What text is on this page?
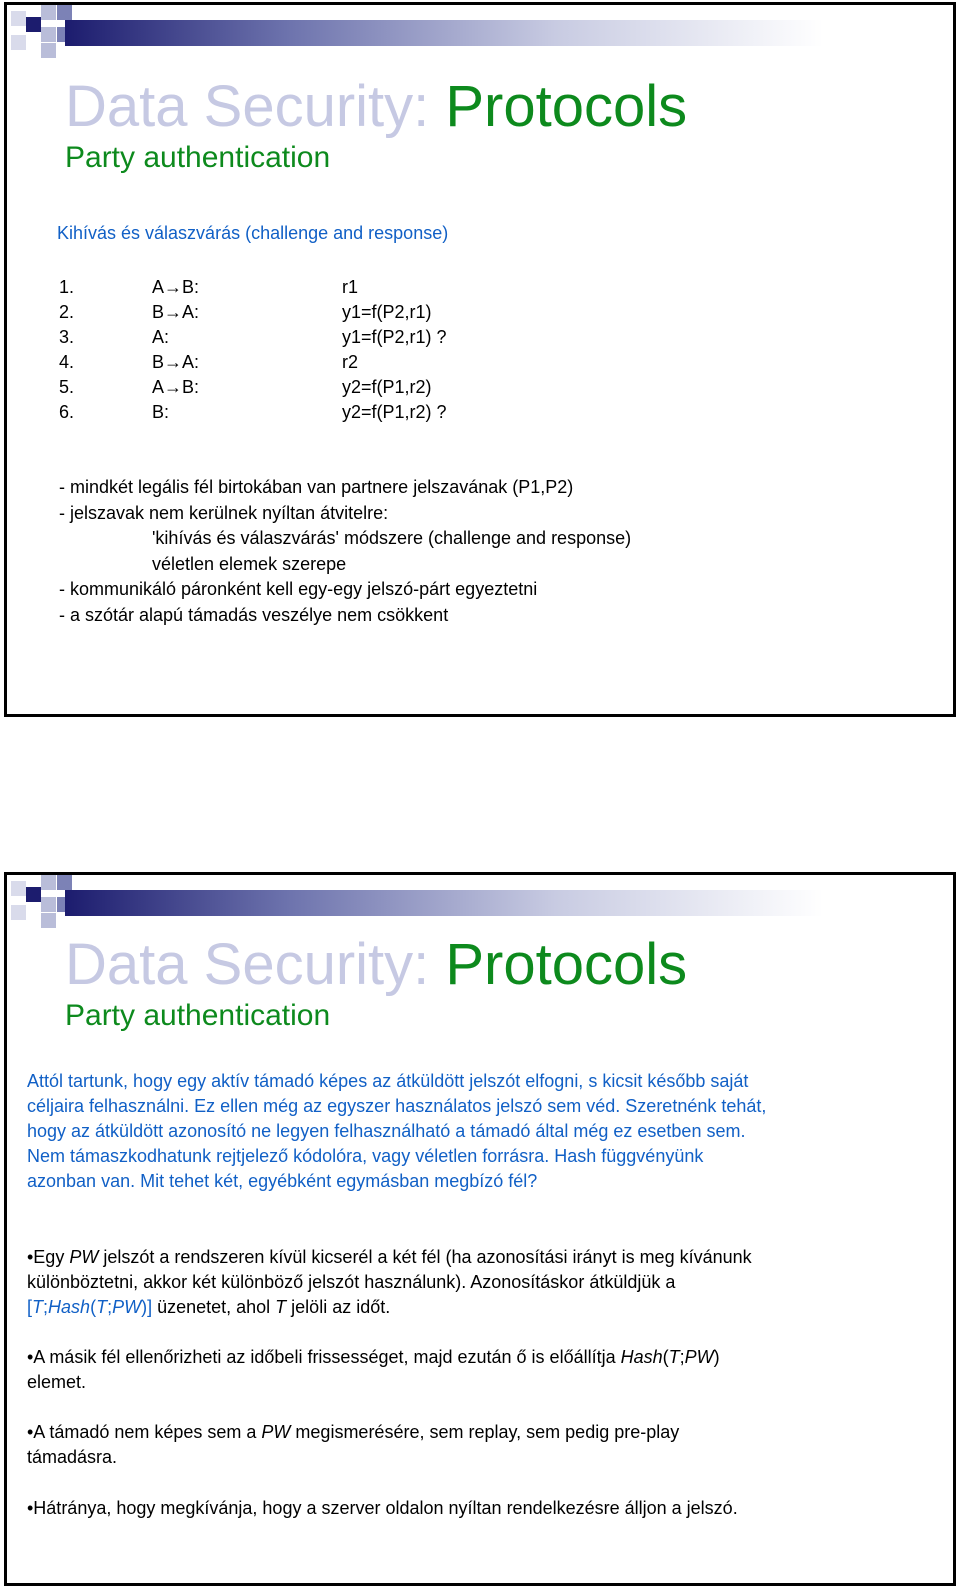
Data Security: Protocols
Party authentication
Kihívás és válaszvárás (challenge and response)
1.	A→B:	r1
2.	B→A:	y1=f(P2,r1)
3.	A:	y1=f(P2,r1) ?
4.	B→A:	r2
5.	A→B:	y2=f(P1,r2)
6.	B:	y2=f(P1,r2) ?
- mindkét legális fél birtokában van partnere jelszavának (P1,P2)
- jelszavak nem kerülnek nyíltan átvitelre:
'kihívás és válaszvárás' módszere (challenge and response)
véletlen elemek szerepe
- kommunikáló páronként kell egy-egy jelszó-párt egyeztetni
- a szótár alapú támadás veszélye nem csökkent
Data Security: Protocols
Party authentication
Attól tartunk, hogy egy aktív támadó képes az átküldött jelszót elfogni, s kicsit később saját
céljaira felhasználni. Ez ellen még az egyszer használatos jelszó sem véd. Szeretnénk tehát,
hogy az átküldött azonosító ne legyen felhasználható a támadó által még ez esetben sem.
Nem támaszkodhatunk rejtjelező kódolóra, vagy véletlen forrásra. Hash függvényünk
azonban van. Mit tehet két, egyébként egymásban megbízó fél?
•Egy PW jelszót a rendszeren kívül kicserél a két fél (ha azonosítási irányt is meg kívánunk
különböztetni, akkor két különböző jelszót használunk). Azonosításkor átküldjük a
[T;Hash(T;PW)] üzenetet, ahol T jelöli az időt.
•A másik fél ellenőrizheti az időbeli frissességet, majd ezután ő is előállítja Hash(T;PW)
elemet.
•A támadó nem képes sem a PW megismerésére, sem replay, sem pedig pre-play
támadásra.
•Hátránya, hogy megkívánja, hogy a szerver oldalon nyíltan rendelkezésre álljon a jelszó.
